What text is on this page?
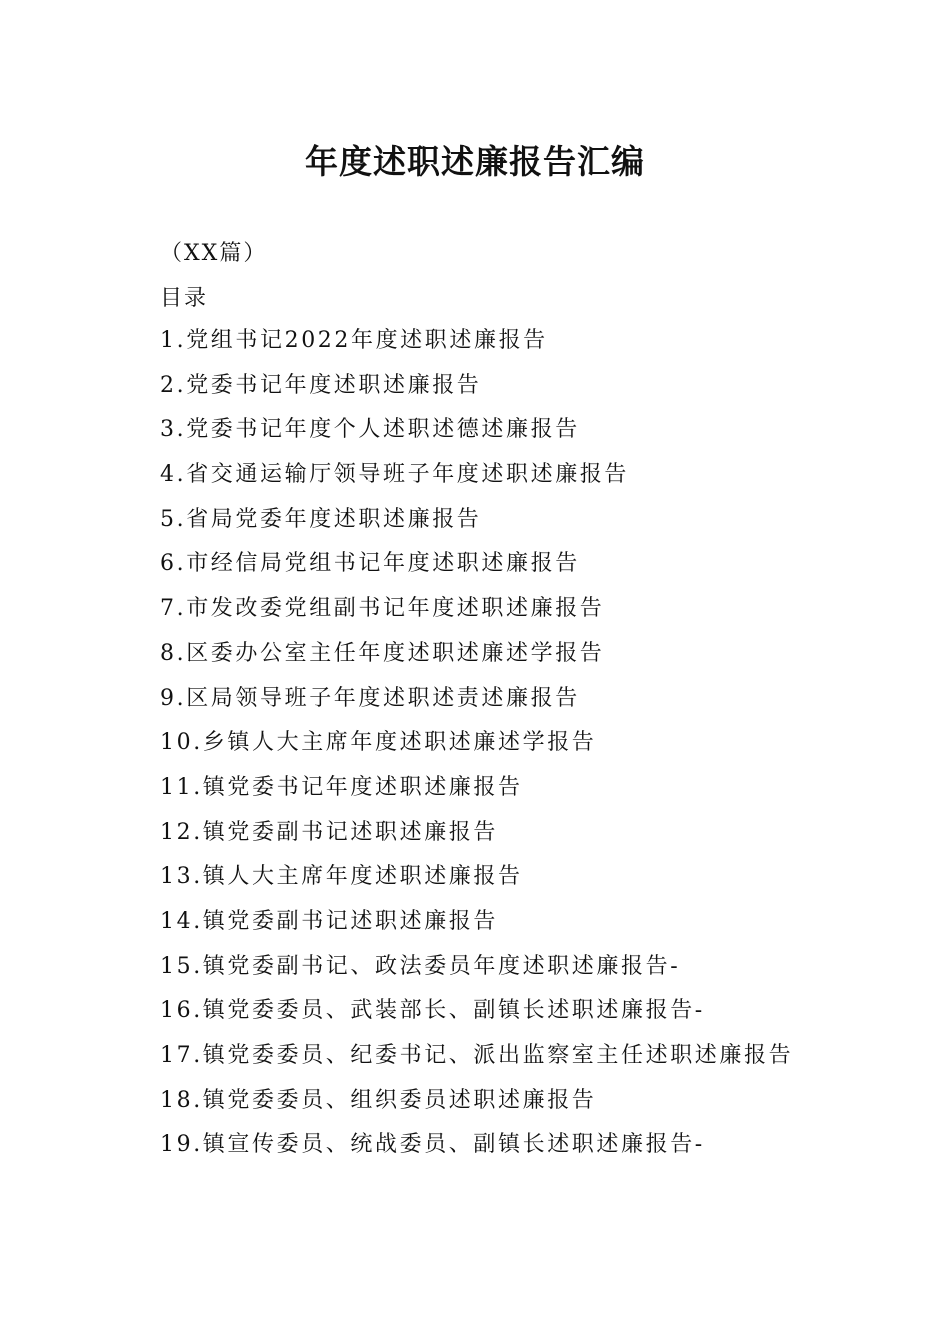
年度述职述廉报告汇编
（XX篇）
目录
1.党组书记2022年度述职述廉报告
2.党委书记年度述职述廉报告
3.党委书记年度个人述职述德述廉报告
4.省交通运输厅领导班子年度述职述廉报告
5.省局党委年度述职述廉报告
6.市经信局党组书记年度述职述廉报告
7.市发改委党组副书记年度述职述廉报告
8.区委办公室主任年度述职述廉述学报告
9.区局领导班子年度述职述责述廉报告
10.乡镇人大主席年度述职述廉述学报告
11.镇党委书记年度述职述廉报告
12.镇党委副书记述职述廉报告
13.镇人大主席年度述职述廉报告
14.镇党委副书记述职述廉报告
15.镇党委副书记、政法委员年度述职述廉报告-
16.镇党委委员、武装部长、副镇长述职述廉报告-
17.镇党委委员、纪委书记、派出监察室主任述职述廉报告
18.镇党委委员、组织委员述职述廉报告
19.镇宣传委员、统战委员、副镇长述职述廉报告-
